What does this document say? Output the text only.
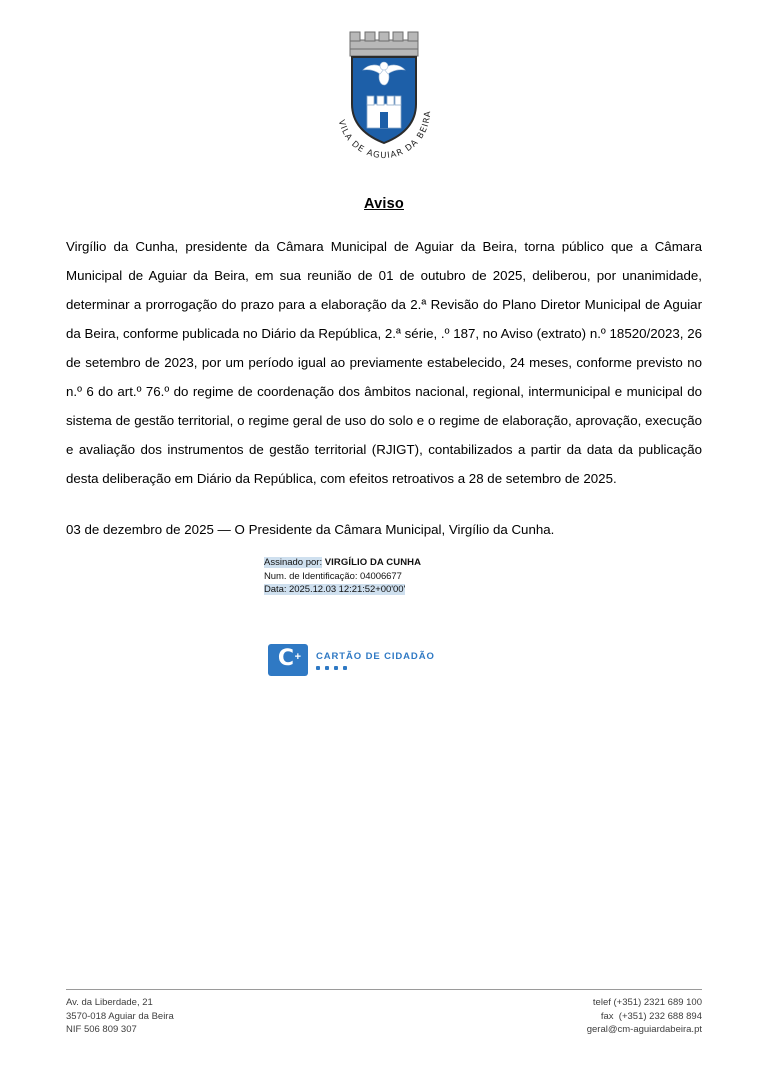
VILA DE AGUIAR DA BEIRA
Aviso

Virgílio da Cunha, presidente da Câmara Municipal de Aguiar da Beira, torna público que a Câmara Municipal de Aguiar da Beira, em sua reunião de 01 de outubro de 2025, deliberou, por unanimidade, determinar a prorrogação do prazo para a elaboração da 2.ª Revisão do Plano Diretor Municipal de Aguiar da Beira, conforme publicada no Diário da República, 2.ª série, .º 187, no Aviso (extrato) n.º 18520/2023, 26 de setembro de 2023, por um período igual ao previamente estabelecido, 24 meses, conforme previsto no n.º 6 do art.º 76.º do regime de coordenação dos âmbitos nacional, regional, intermunicipal e municipal do sistema de gestão territorial, o regime geral de uso do solo e o regime de elaboração, aprovação, execução e avaliação dos instrumentos de gestão territorial (RJIGT), contabilizados a partir da data da publicação desta deliberação em Diário da República, com efeitos retroativos a 28 de setembro de 2025.

03 de dezembro de 2025 — O Presidente da Câmara Municipal, Virgílio da Cunha.

Assinado por: VIRGÍLIO DA CUNHA
Num. de Identificação: 04006677
Data: 2025.12.03 12:21:52+00'00'
C + CARTÃO DE CIDADÃO
Av. da Liberdade, 21
3570-018 Aguiar da Beira
NIF 506 809 307
telef (+351) 2321 689 100
fax  (+351) 232 688 894
geral@cm-aguiardabeira.pt
